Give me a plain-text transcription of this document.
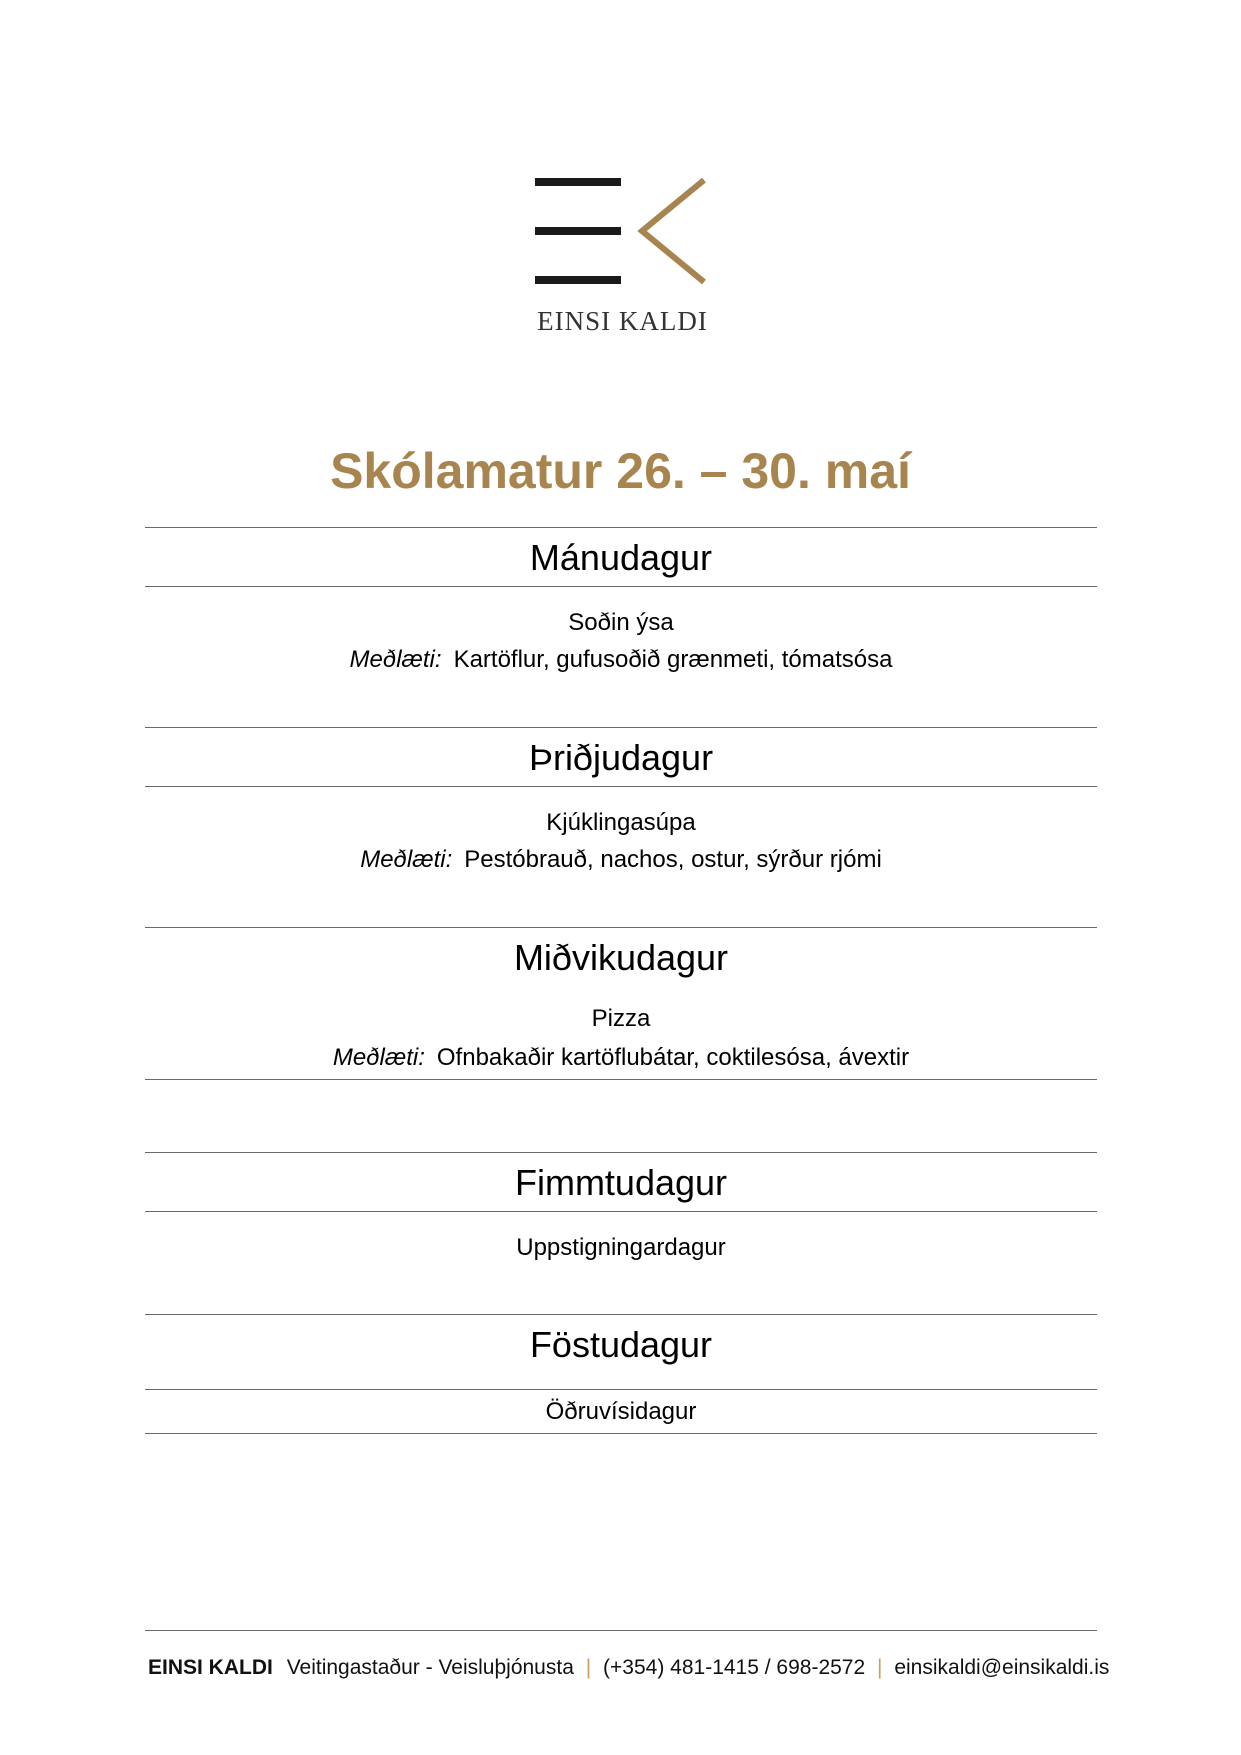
EINSI KALDI
Skólamatur 26. – 30. maí
Mánudagur
Soðin ýsa
Meðlæti: Kartöflur, gufusoðið grænmeti, tómatsósa
Þriðjudagur
Kjúklingasúpa
Meðlæti: Pestóbrauð, nachos, ostur, sýrður rjómi
Miðvikudagur
Pizza
Meðlæti: Ofnbakaðir kartöflubátar, coktilesósa, ávextir
Fimmtudagur
Uppstigningardagur
Föstudagur
Öðruvísidagur
EINSI KALDI Veitingastaður - Veisluþjónusta | (+354) 481-1415 / 698-2572 | einsikaldi@einsikaldi.is
